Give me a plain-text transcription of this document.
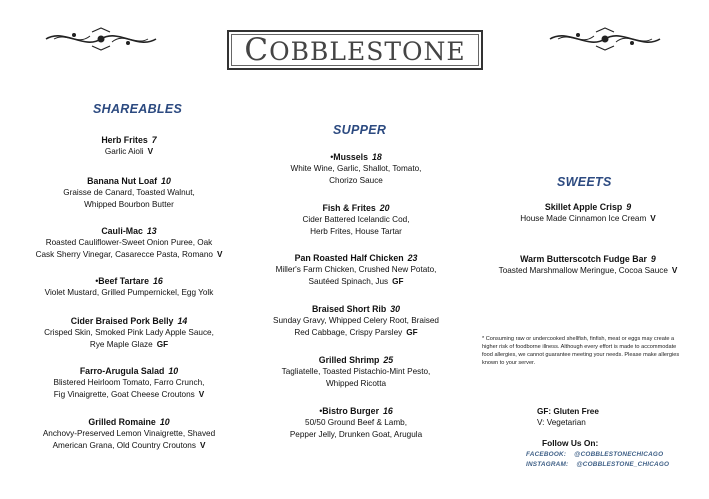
COBBLESTONE
SHAREABLES
SUPPER
SWEETS
Herb Frites 7
Garlic Aioli V
Banana Nut Loaf 10
Graisse de Canard, Toasted Walnut,
Whipped Bourbon Butter
Cauli-Mac 13
Roasted Cauliflower-Sweet Onion Puree, Oak
Cask Sherry Vinegar, Casarecce Pasta, Romano V
•Beef Tartare 16
Violet Mustard, Grilled Pumpernickel, Egg Yolk
Cider Braised Pork Belly 14
Crisped Skin, Smoked Pink Lady Apple Sauce,
Rye Maple Glaze GF
Farro-Arugula Salad 10
Blistered Heirloom Tomato, Farro Crunch,
Fig Vinaigrette, Goat Cheese Croutons V
Grilled Romaine 10
Anchovy-Preserved Lemon Vinaigrette, Shaved
American Grana, Old Country Croutons V
•Mussels 18
White Wine, Garlic, Shallot, Tomato,
Chorizo Sauce
Fish & Frites 20
Cider Battered Icelandic Cod,
Herb Frites, House Tartar
Pan Roasted Half Chicken 23
Miller's Farm Chicken, Crushed New Potato,
Sautéed Spinach, Jus GF
Braised Short Rib 30
Sunday Gravy, Whipped Celery Root, Braised
Red Cabbage, Crispy Parsley GF
Grilled Shrimp 25
Tagliatelle, Toasted Pistachio-Mint Pesto,
Whipped Ricotta
•Bistro Burger 16
50/50 Ground Beef & Lamb,
Pepper Jelly, Drunken Goat, Arugula
Skillet Apple Crisp 9
House Made Cinnamon Ice Cream V
Warm Butterscotch Fudge Bar 9
Toasted Marshmallow Meringue, Cocoa Sauce V
* Consuming raw or undercooked shellfish, finfish, meat or eggs may create a higher risk of foodborne illness. Although every effort is made to accommodate food allergies, we cannot guarantee meeting your needs. Please make allergies known to your server.
GF: Gluten Free
V: Vegetarian
Follow Us On:
FACEBOOK: @COBBLESTONECHICAGO
INSTAGRAM: @COBBLESTONE_CHICAGO
